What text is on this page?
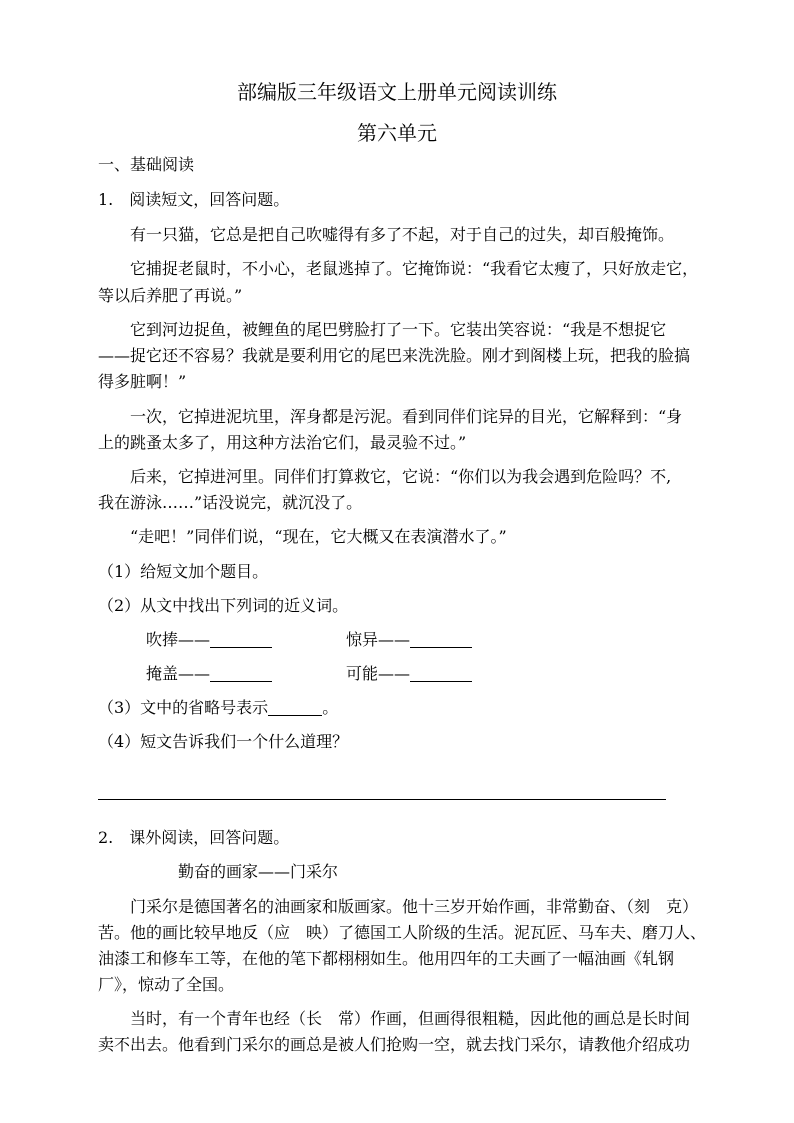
部编版三年级语文上册单元阅读训练
第六单元
一、基础阅读
1.　阅读短文，回答问题。
有一只猫，它总是把自己吹嘘得有多了不起，对于自己的过失，却百般掩饰。
它捕捉老鼠时，不小心，老鼠逃掉了。它掩饰说：“我看它太瘦了，只好放走它，
等以后养肥了再说。”
它到河边捉鱼，被鲤鱼的尾巴劈脸打了一下。它装出笑容说：“我是不想捉它
——捉它还不容易？我就是要利用它的尾巴来洗洗脸。刚才到阁楼上玩，把我的脸搞
得多脏啊！”
一次，它掉进泥坑里，浑身都是污泥。看到同伴们诧异的目光，它解释到：“身
上的跳蚤太多了，用这种方法治它们，最灵验不过。”
后来，它掉进河里。同伴们打算救它，它说：“你们以为我会遇到危险吗？不,
我在游泳……”话没说完，就沉没了。
“走吧！”同伴们说，“现在，它大概又在表演潜水了。”
（1）给短文加个题目。
（2）从文中找出下列词的近义词。
吹捧——	惊异——
掩盖——	可能——
（3）文中的省略号表示	。
（4）短文告诉我们一个什么道理？
2.　课外阅读，回答问题。
勤奋的画家——门采尔
门采尔是德国著名的油画家和版画家。他十三岁开始作画，非常勤奋、（刻　克）
苦。他的画比较早地反（应　映）了德国工人阶级的生活。泥瓦匠、马车夫、磨刀人、
油漆工和修车工等，在他的笔下都栩栩如生。他用四年的工夫画了一幅油画《轧钢
厂》，惊动了全国。
当时，有一个青年也经（长　常）作画，但画得很粗糙，因此他的画总是长时间
卖不出去。他看到门采尔的画总是被人们抢购一空，就去找门采尔，请教他介绍成功
